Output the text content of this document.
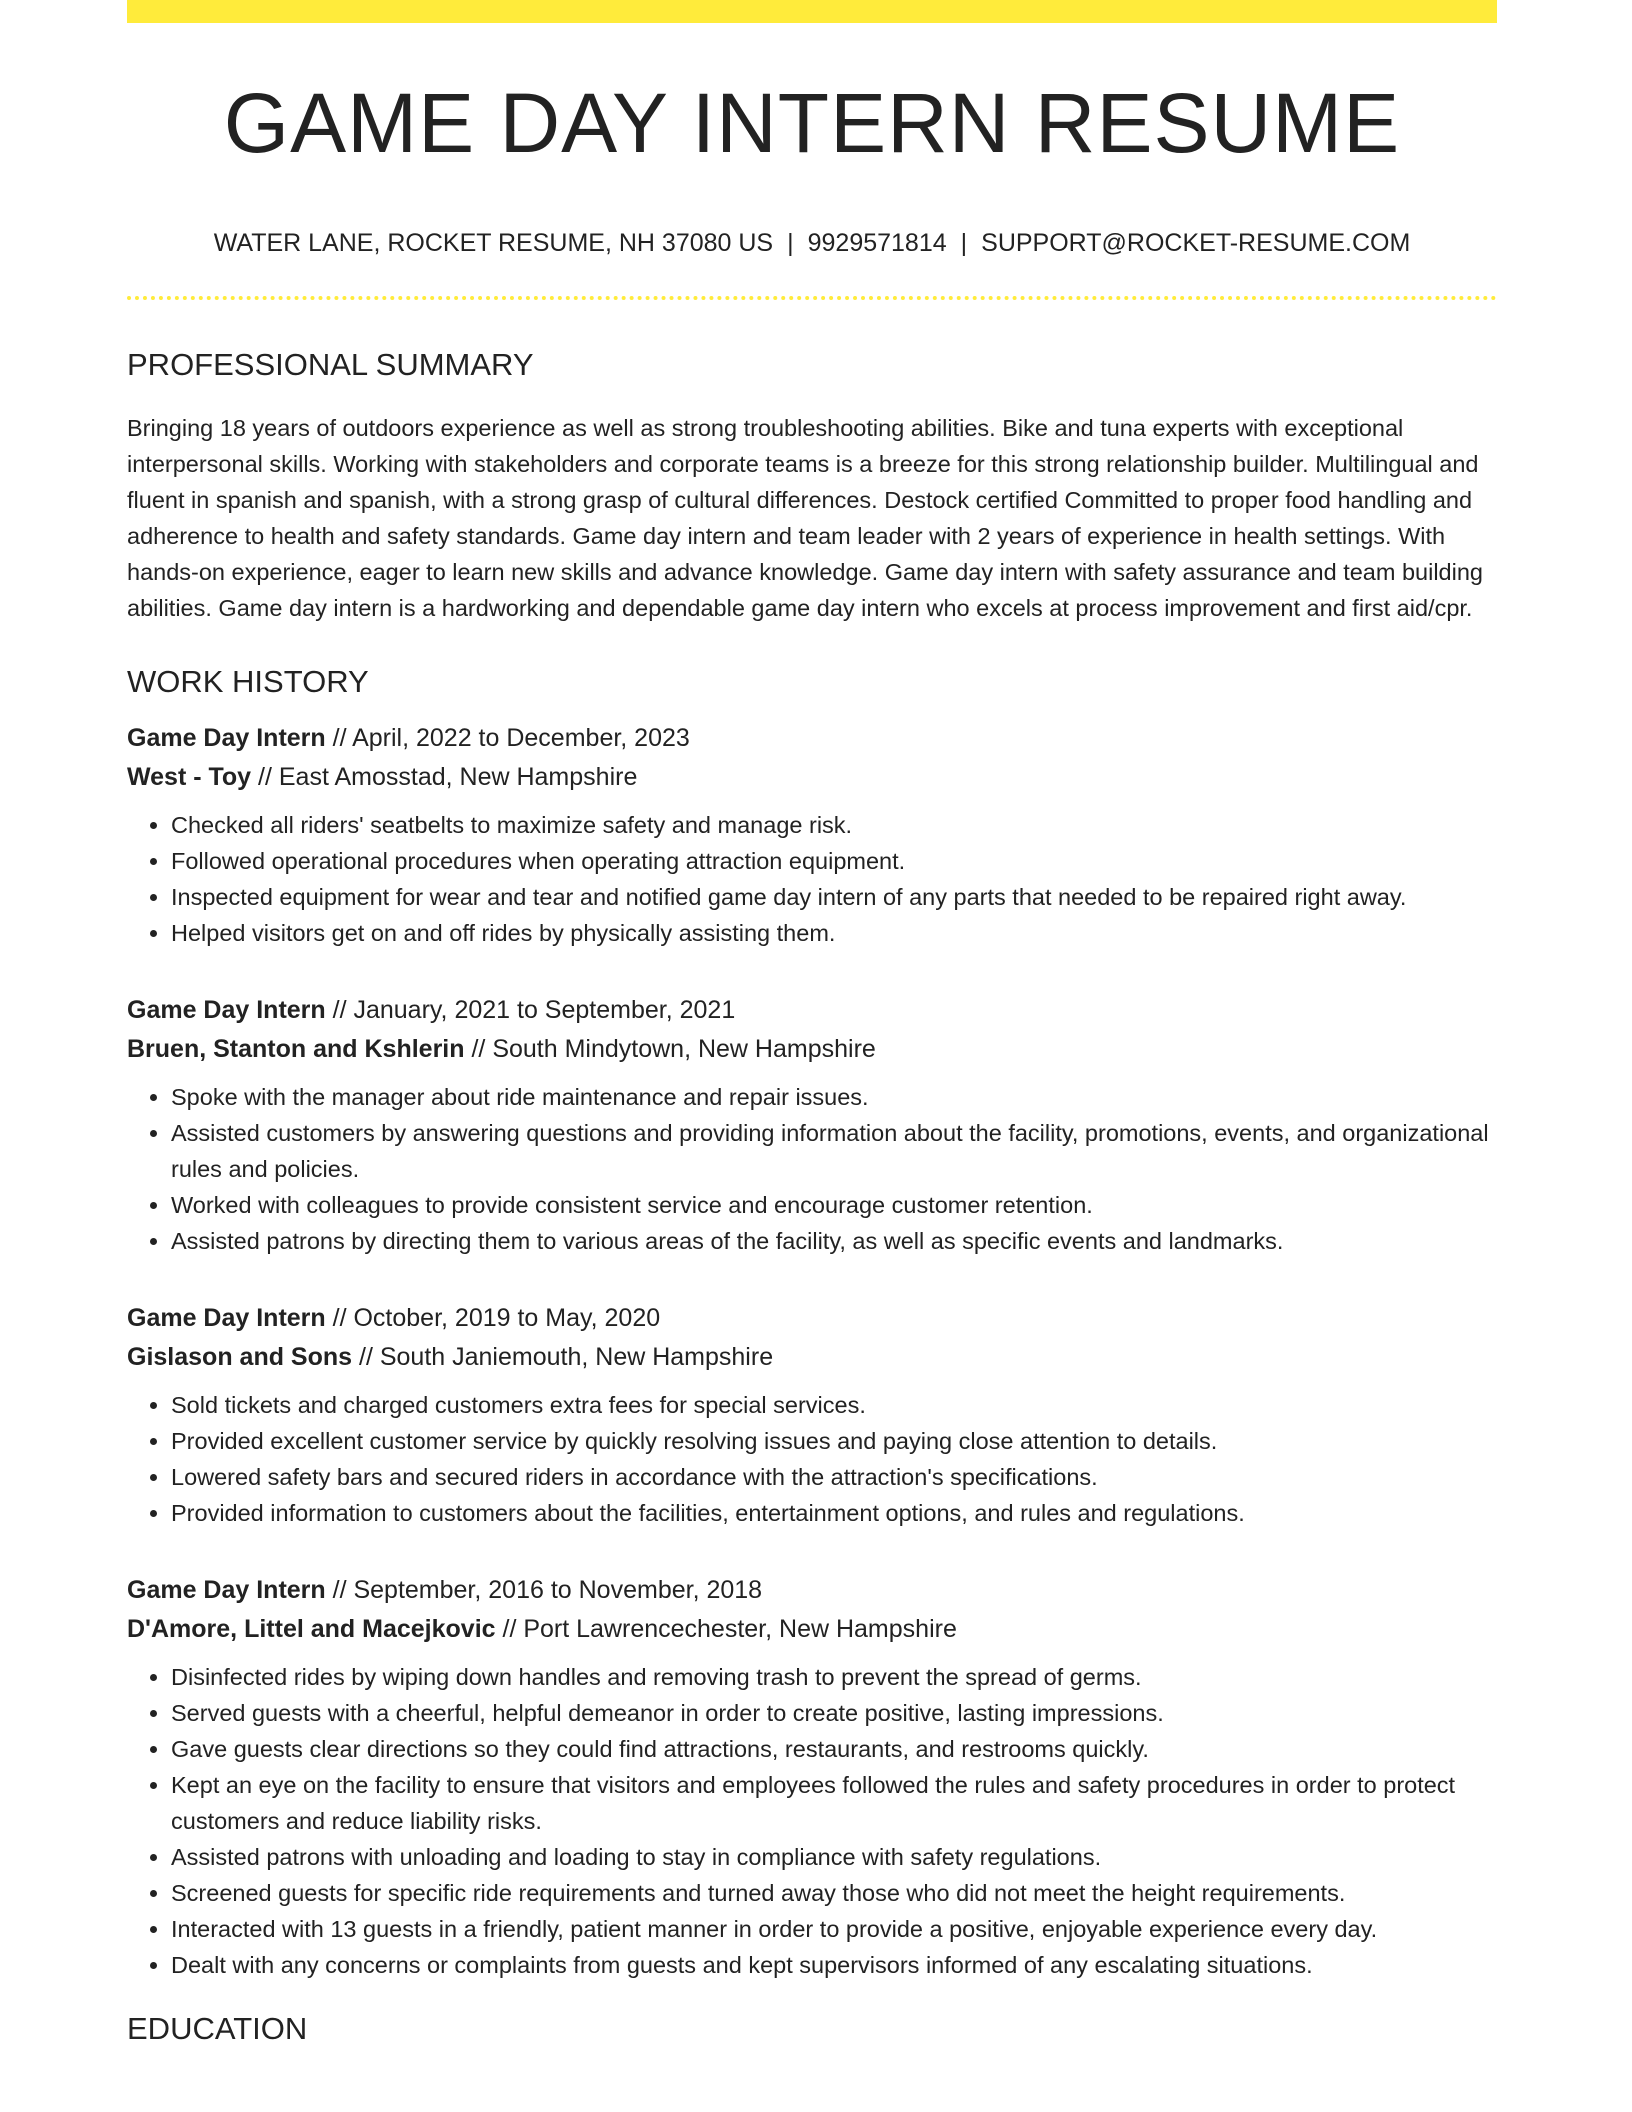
GAME DAY INTERN RESUME
WATER LANE, ROCKET RESUME, NH 37080 US | 9929571814 | SUPPORT@ROCKET-RESUME.COM
PROFESSIONAL SUMMARY
Bringing 18 years of outdoors experience as well as strong troubleshooting abilities. Bike and tuna experts with exceptional interpersonal skills. Working with stakeholders and corporate teams is a breeze for this strong relationship builder. Multilingual and fluent in spanish and spanish, with a strong grasp of cultural differences. Destock certified Committed to proper food handling and adherence to health and safety standards. Game day intern and team leader with 2 years of experience in health settings. With hands-on experience, eager to learn new skills and advance knowledge. Game day intern with safety assurance and team building abilities. Game day intern is a hardworking and dependable game day intern who excels at process improvement and first aid/cpr.
WORK HISTORY
Game Day Intern // April, 2022 to December, 2023
West - Toy // East Amosstad, New Hampshire
• Checked all riders' seatbelts to maximize safety and manage risk.
• Followed operational procedures when operating attraction equipment.
• Inspected equipment for wear and tear and notified game day intern of any parts that needed to be repaired right away.
• Helped visitors get on and off rides by physically assisting them.
Game Day Intern // January, 2021 to September, 2021
Bruen, Stanton and Kshlerin // South Mindytown, New Hampshire
• Spoke with the manager about ride maintenance and repair issues.
• Assisted customers by answering questions and providing information about the facility, promotions, events, and organizational rules and policies.
• Worked with colleagues to provide consistent service and encourage customer retention.
• Assisted patrons by directing them to various areas of the facility, as well as specific events and landmarks.
Game Day Intern // October, 2019 to May, 2020
Gislason and Sons // South Janiemouth, New Hampshire
• Sold tickets and charged customers extra fees for special services.
• Provided excellent customer service by quickly resolving issues and paying close attention to details.
• Lowered safety bars and secured riders in accordance with the attraction's specifications.
• Provided information to customers about the facilities, entertainment options, and rules and regulations.
Game Day Intern // September, 2016 to November, 2018
D'Amore, Littel and Macejkovic // Port Lawrencechester, New Hampshire
• Disinfected rides by wiping down handles and removing trash to prevent the spread of germs.
• Served guests with a cheerful, helpful demeanor in order to create positive, lasting impressions.
• Gave guests clear directions so they could find attractions, restaurants, and restrooms quickly.
• Kept an eye on the facility to ensure that visitors and employees followed the rules and safety procedures in order to protect customers and reduce liability risks.
• Assisted patrons with unloading and loading to stay in compliance with safety regulations.
• Screened guests for specific ride requirements and turned away those who did not meet the height requirements.
• Interacted with 13 guests in a friendly, patient manner in order to provide a positive, enjoyable experience every day.
• Dealt with any concerns or complaints from guests and kept supervisors informed of any escalating situations.
EDUCATION
